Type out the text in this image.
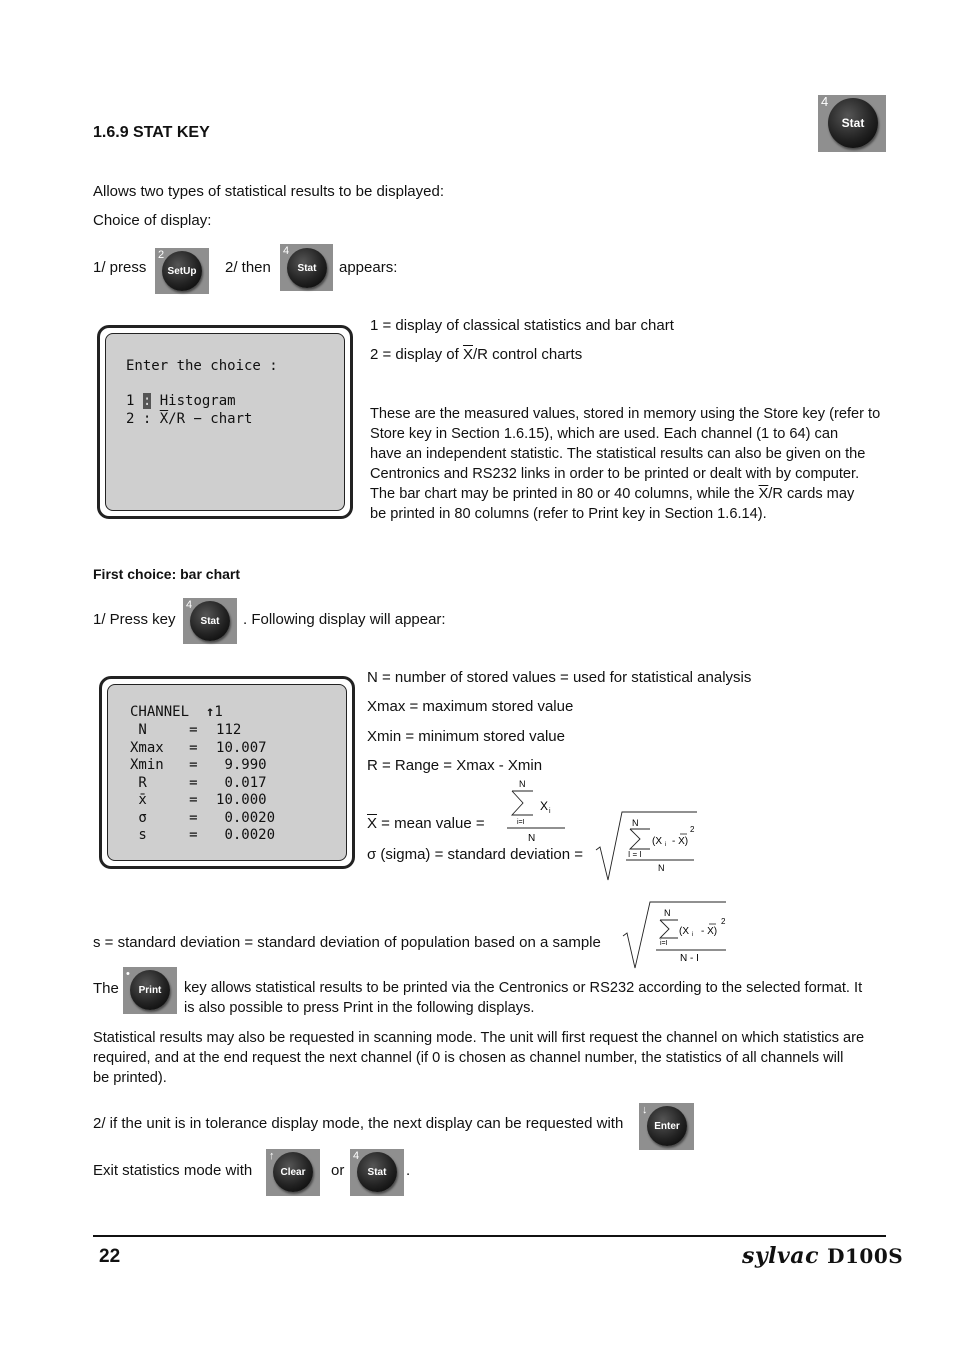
1.6.9 STAT KEY
4
Stat
Allows two types of statistical results to be displayed:
Choice of display:
1/ press
2
SetUp	2/ then
4
Stat	appears:
Enter the choice :
1 : Histogram
2 : $\overline{X}/R$ − chart
1 = display of classical statistics and bar chart
2 = display of $\overline{X}/R$ control charts
These are the measured values, stored in memory using the Store key (refer to
Store key in Section 1.6.15), which are used. Each channel (1 to 64) can
have an independent statistic. The statistical results can also be given on the
Centronics and RS232 links in order to be printed or dealt with by computer.
The bar chart may be printed in 80 or 40 columns, while the $\overline{X}/R$ cards may
be printed in 80 columns (refer to Print key in Section 1.6.14).
First choice: bar chart
1/ Press key
4
Stat	. Following display will appear:
CHANNEL ↑1
N   = 112
Xmax = 10.007
Xmin =  9.990
R   =  0.017
x̄   = 10.000
σ   =  0.0020
s   =  0.0020
N = number of stored values = used for statistical analysis
Xmax = maximum stored value
Xmin = minimum stored value
R = Range = Xmax - Xmin
$\overline{X}$ = mean value =
N
X i
i=I
N
σ (sigma) = standard deviation =
N
(X i - X)
2
I = I
N
s = standard deviation = standard deviation of population based on a sample
N
(X i - X)
2
i=I
N - I
The
•
Print	key allows statistical results to be printed via the Centronics or RS232 according to the selected format. It
is also possible to press Print in the following displays.
Statistical results may also be requested in scanning mode. The unit will first request the channel on which statistics are
required, and at the end request the next channel (if 0 is chosen as channel number, the statistics of all channels will
be printed).
2/ if the unit is in tolerance display mode, the next display can be requested with
↓
Enter
Exit statistics mode with
↑
Clear	or
4
Stat	.
22	sylvac D100S
